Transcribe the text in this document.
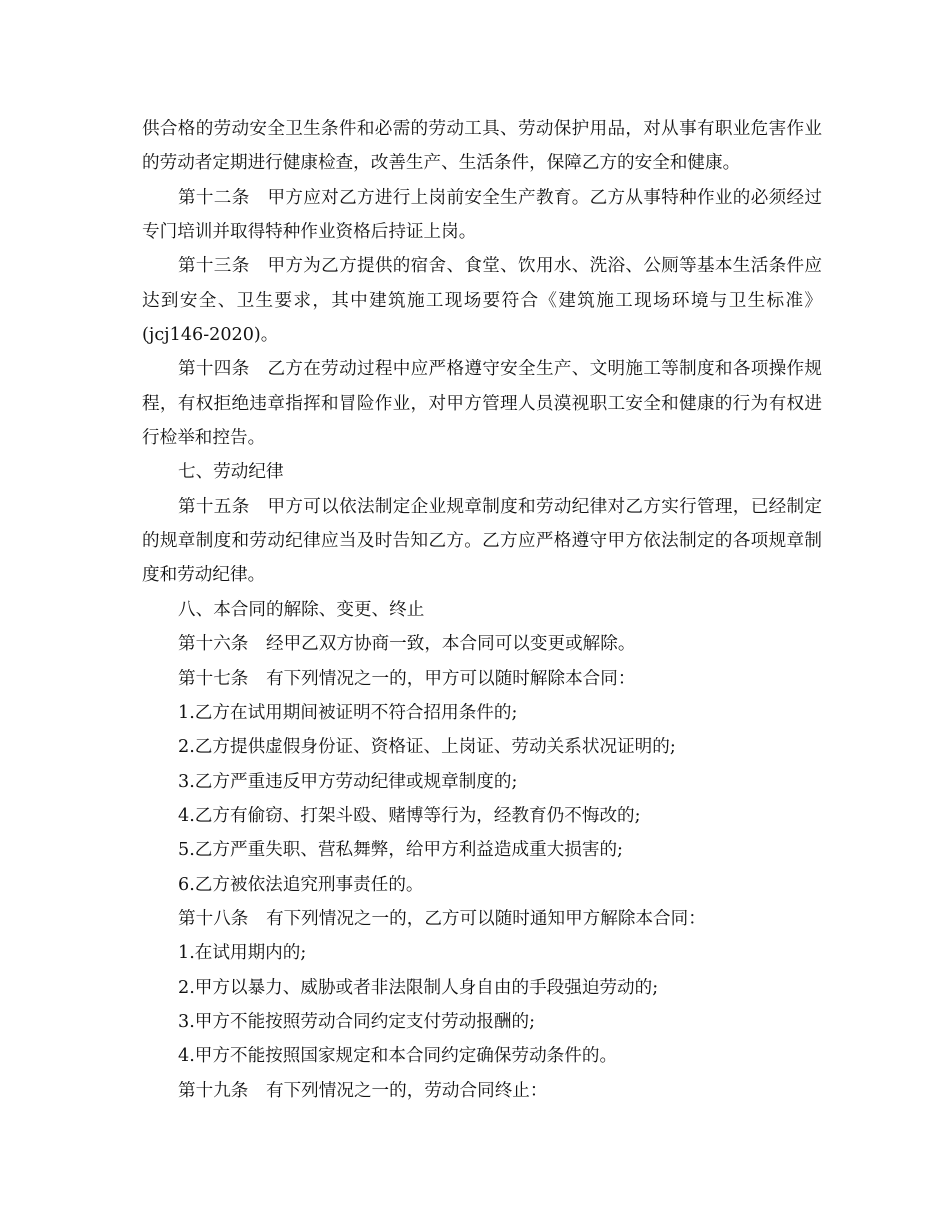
供合格的劳动安全卫生条件和必需的劳动工具、劳动保护用品，对从事有职业危害作业的劳动者定期进行健康检查，改善生产、生活条件，保障乙方的安全和健康。

第十二条　甲方应对乙方进行上岗前安全生产教育。乙方从事特种作业的必须经过专门培训并取得特种作业资格后持证上岗。

第十三条　甲方为乙方提供的宿舍、食堂、饮用水、洗浴、公厕等基本生活条件应达到安全、卫生要求，其中建筑施工现场要符合《建筑施工现场环境与卫生标准》(jcj146-2020)。

第十四条　乙方在劳动过程中应严格遵守安全生产、文明施工等制度和各项操作规程，有权拒绝违章指挥和冒险作业，对甲方管理人员漠视职工安全和健康的行为有权进行检举和控告。

七、劳动纪律

第十五条　甲方可以依法制定企业规章制度和劳动纪律对乙方实行管理，已经制定的规章制度和劳动纪律应当及时告知乙方。乙方应严格遵守甲方依法制定的各项规章制度和劳动纪律。

八、本合同的解除、变更、终止

第十六条　经甲乙双方协商一致，本合同可以变更或解除。

第十七条　有下列情况之一的，甲方可以随时解除本合同：

1.乙方在试用期间被证明不符合招用条件的;

2.乙方提供虚假身份证、资格证、上岗证、劳动关系状况证明的;

3.乙方严重违反甲方劳动纪律或规章制度的;

4.乙方有偷窃、打架斗殴、赌博等行为，经教育仍不悔改的;

5.乙方严重失职、营私舞弊，给甲方利益造成重大损害的;

6.乙方被依法追究刑事责任的。

第十八条　有下列情况之一的，乙方可以随时通知甲方解除本合同：

1.在试用期内的;

2.甲方以暴力、威胁或者非法限制人身自由的手段强迫劳动的;

3.甲方不能按照劳动合同约定支付劳动报酬的;

4.甲方不能按照国家规定和本合同约定确保劳动条件的。

第十九条　有下列情况之一的，劳动合同终止：
